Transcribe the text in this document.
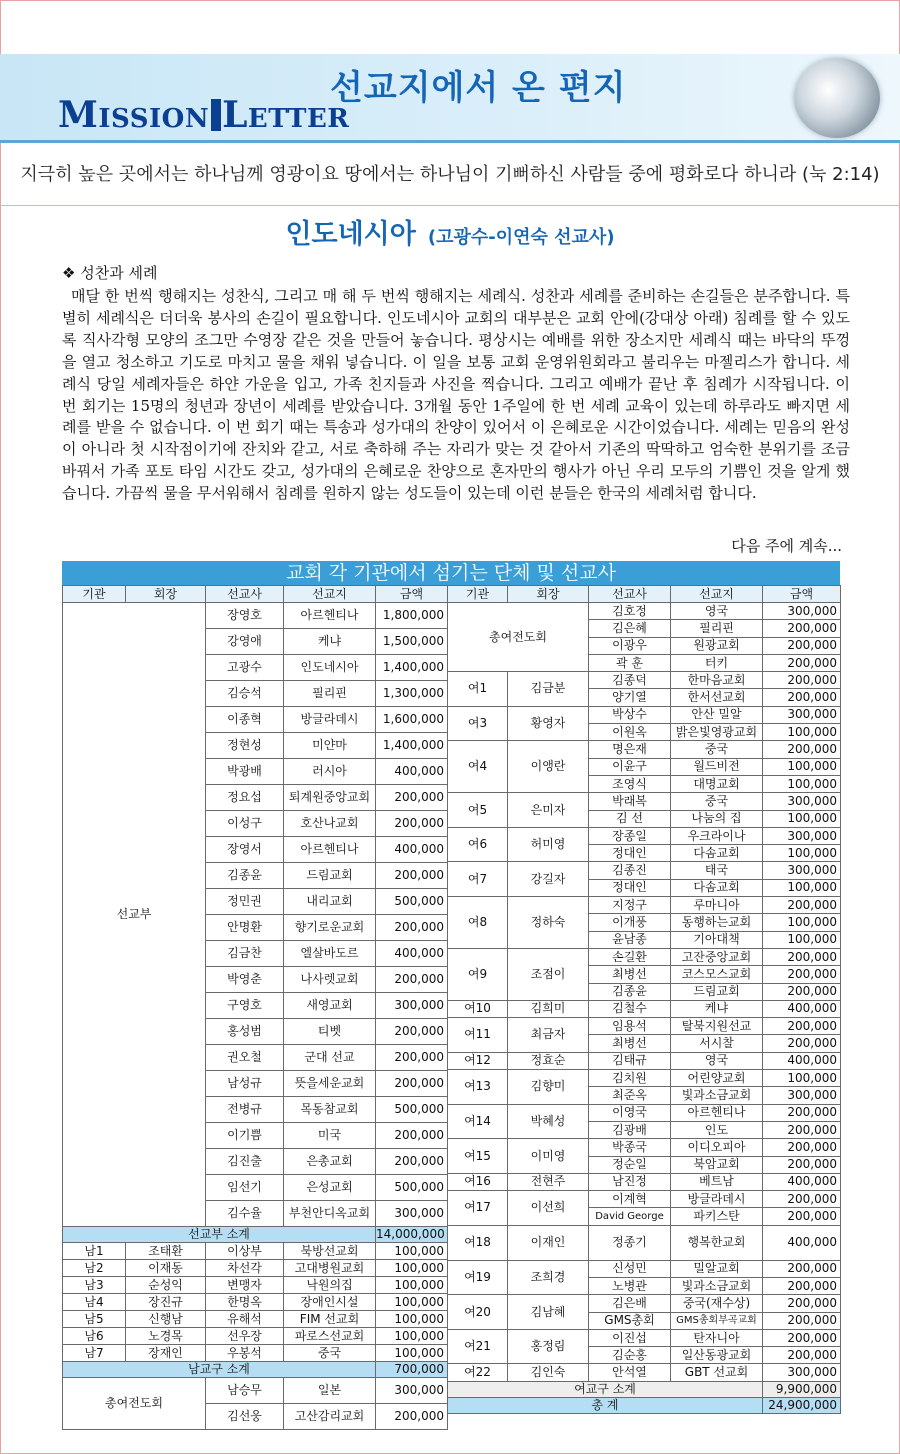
MISSION LETTER
선교지에서 온 편지
지극히 높은 곳에서는 하나님께 영광이요 땅에서는 하나님이 기뻐하신 사람들 중에 평화로다 하니라 (눅 2:14)
인도네시아 (고광수-이연숙 선교사)
❖ 성찬과 세례

매달 한 번씩 행해지는 성찬식, 그리고 매 해 두 번씩 행해지는 세례식. 성찬과 세례를 준비하는 손길들은 분주합니다. 특별히 세례식은 더더욱 봉사의 손길이 필요합니다. 인도네시아 교회의 대부분은 교회 안에(강대상 아래) 침례를 할 수 있도록 직사각형 모양의 조그만 수영장 같은 것을 만들어 놓습니다. 평상시는 예배를 위한 장소지만 세례식 때는 바닥의 뚜껑을 열고 청소하고 기도로 마치고 물을 채워 넣습니다. 이 일을 보통 교회 운영위원회라고 불리우는 마젤리스가 합니다. 세례식 당일 세례자들은 하얀 가운을 입고, 가족 친지들과 사진을 찍습니다. 그리고 예배가 끝난 후 침례가 시작됩니다. 이 번 회기는 15명의 청년과 장년이 세례를 받았습니다. 3개월 동안 1주일에 한 번 세례 교육이 있는데 하루라도 빠지면 세례를 받을 수 없습니다. 이 번 회기 때는 특송과 성가대의 찬양이 있어서 이 은혜로운 시간이었습니다. 세례는 믿음의 완성이 아니라 첫 시작점이기에 잔치와 같고, 서로 축하해 주는 자리가 맞는 것 같아서 기존의 딱딱하고 엄숙한 분위기를 조금 바꿔서 가족 포토 타임 시간도 갖고, 성가대의 은혜로운 찬양으로 혼자만의 행사가 아닌 우리 모두의 기쁨인 것을 알게 했습니다. 가끔씩 물을 무서워해서 침례를 원하지 않는 성도들이 있는데 이런 분들은 한국의 세례처럼 합니다.

다음 주에 계속...
교회 각 기관에서 섬기는 단체 및 선교사
기관	회장	선교사	선교지	금액
선교부		장영호	아르헨티나	1,800,000
		강영애	케냐	1,500,000
		고광수	인도네시아	1,400,000
		김승석	필리핀	1,300,000
		이종혁	방글라데시	1,600,000
		정현성	미얀마	1,400,000
		박광배	러시아	400,000
		정요섭	퇴계원중앙교회	200,000
		이성구	호산나교회	200,000
		장영서	아르헨티나	400,000
		김종윤	드림교회	200,000
		정민권	내리교회	500,000
		안명환	향기로운교회	200,000
		김금찬	엘살바도르	400,000
		박영춘	나사렛교회	200,000
		구영호	새영교회	300,000
		홍성범	티벳	200,000
		권오철	군대 선교	200,000
		남성규	뜻을세운교회	200,000
		전병규	목동참교회	500,000
		이기쁨	미국	200,000
		김진출	은총교회	200,000
		임선기	은성교회	500,000
		김수율	부천안디옥교회	300,000
선교부 소계				14,000,000
남1	조태환	이상부	북방선교회	100,000
남2	이재동	차선각	고대병원교회	100,000
남3	순성익	변맹자	낙원의집	100,000
남4	장진규	한명옥	장애인시설	100,000
남5	신행남	유해석	FIM 선교회	100,000
남6	노경목	선우장	파로스선교회	100,000
남7	장재인	우봉석	중국	100,000
남교구 소계				700,000
총여전도회		남승무	일본	300,000
		김선웅	고산감리교회	200,000
기관	회장	선교사	선교지	금액
총여전도회		김호정	영국	300,000
		김은혜	필리핀	200,000
		이광우	원광교회	200,000
		곽 훈	터키	200,000
여1	김금분	김종덕	한마음교회	200,000
		양기열	한서선교회	200,000
여3	황영자	박상수	안산 밀알	300,000
		이원옥	밝은빛영광교회	100,000
여4	이앵란	명은재	중국	200,000
		이윤구	월드비전	100,000
		조영식	대명교회	100,000
여5	은미자	박래복	중국	300,000
		김 선	나눔의 집	100,000
여6	허미영	장종일	우크라이나	300,000
		정대인	다솜교회	100,000
여7	강길자	김종진	태국	300,000
		정대인	다솜교회	100,000
여8	정하숙	지정구	루마니아	200,000
		이개풍	동행하는교회	100,000
		윤남종	기아대책	100,000
여9	조점이	손길환	고잔중앙교회	200,000
		최병선	코스모스교회	200,000
		김종윤	드림교회	200,000
여10	김희미	김철수	케냐	400,000
여11	최금자	임용석	탈북지원선교	200,000
		최병선	서시찰	200,000
여12	정효순	김태규	영국	400,000
여13	김향미	김치원	어린양교회	100,000
		최준옥	빛과소금교회	300,000
여14	박혜성	이영국	아르헨티나	200,000
		김광배	인도	200,000
여15	이미영	박종국	이디오피아	200,000
		정순일	북암교회	200,000
여16	전현주	남진정	베트남	400,000
여17	이선희	이계혁	방글라데시	200,000
		David George	파키스탄	200,000
여18	이재인	정종기	행복한교회	400,000
여19	조희경	신성민	밀알교회	200,000
		노병관	빛과소금교회	200,000
여20	김남혜	김은배	중국(재수상)	200,000
		GMS총회	GMS총회부곡교회	200,000
여21	홍정림	이진섭	탄자니아	200,000
		김순홍	일산동광교회	200,000
여22	김인숙	안석열	GBT 선교회	300,000
여교구 소계				9,900,000
총 계				24,900,000
